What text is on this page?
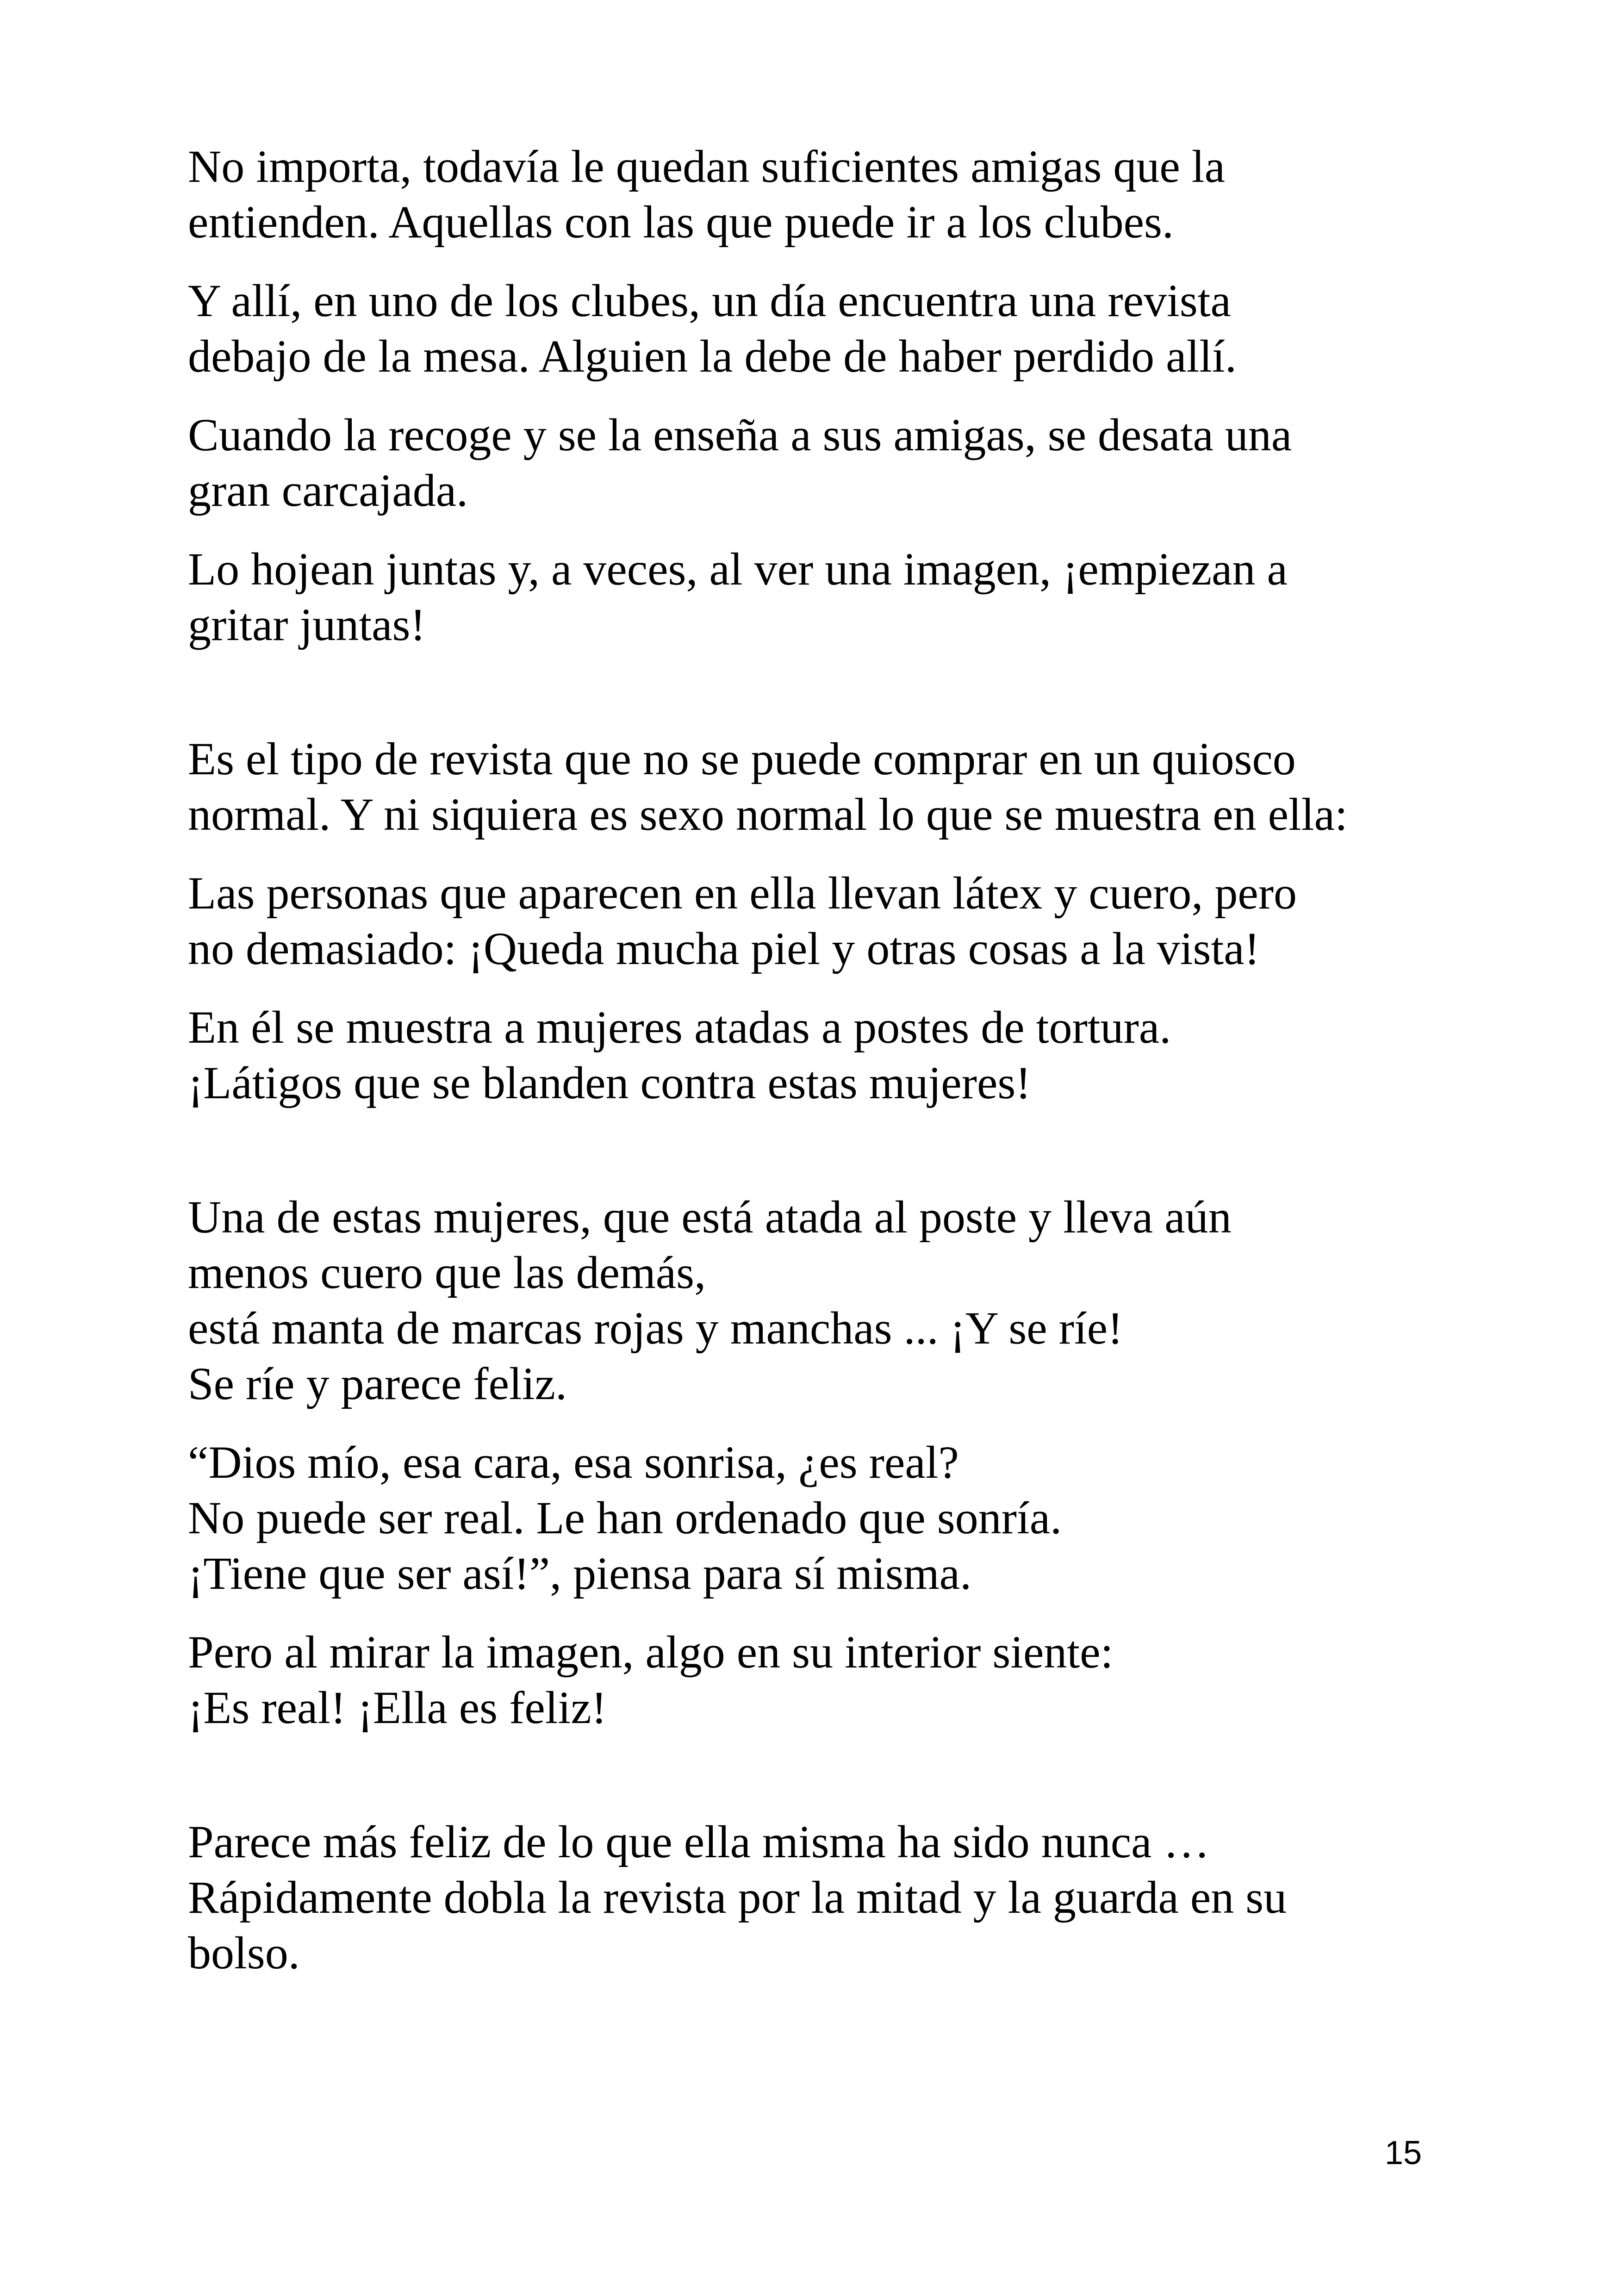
No importa, todavía le quedan suficientes amigas que la
entienden. Aquellas con las que puede ir a los clubes.
Y allí, en uno de los clubes, un día encuentra una revista
debajo de la mesa. Alguien la debe de haber perdido allí.
Cuando la recoge y se la enseña a sus amigas, se desata una
gran carcajada.
Lo hojean juntas y, a veces, al ver una imagen, ¡empiezan a
gritar juntas!
Es el tipo de revista que no se puede comprar en un quiosco
normal. Y ni siquiera es sexo normal lo que se muestra en ella:
Las personas que aparecen en ella llevan látex y cuero, pero
no demasiado: ¡Queda mucha piel y otras cosas a la vista!
En él se muestra a mujeres atadas a postes de tortura.
¡Látigos que se blanden contra estas mujeres!
Una de estas mujeres, que está atada al poste y lleva aún
menos cuero que las demás,
está manta de marcas rojas y manchas ... ¡Y se ríe!
Se ríe y parece feliz.
“Dios mío, esa cara, esa sonrisa, ¿es real?
No puede ser real. Le han ordenado que sonría.
¡Tiene que ser así!”, piensa para sí misma.
Pero al mirar la imagen, algo en su interior siente:
¡Es real! ¡Ella es feliz!
Parece más feliz de lo que ella misma ha sido nunca …
Rápidamente dobla la revista por la mitad y la guarda en su
bolso.
15
